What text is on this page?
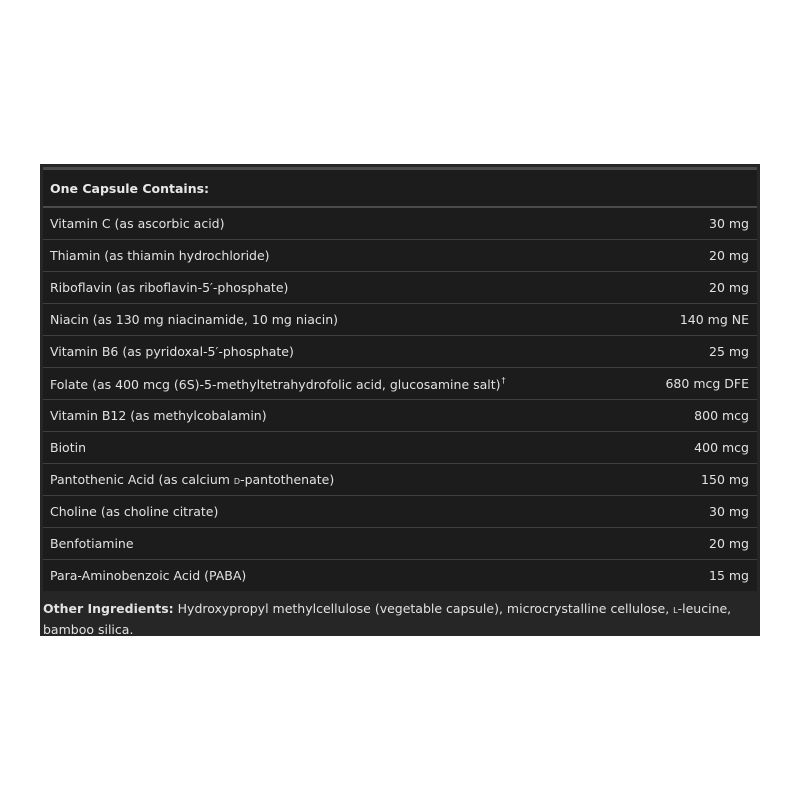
One Capsule Contains:
Vitamin C (as ascorbic acid)	30 mg
Thiamin (as thiamin hydrochloride)	20 mg
Riboflavin (as riboflavin-5′-phosphate)	20 mg
Niacin (as 130 mg niacinamide, 10 mg niacin)	140 mg NE
Vitamin B6 (as pyridoxal-5′-phosphate)	25 mg
Folate (as 400 mcg (6S)-5-methyltetrahydrofolic acid, glucosamine salt)†	680 mcg DFE
Vitamin B12 (as methylcobalamin)	800 mcg
Biotin	400 mcg
Pantothenic Acid (as calcium d-pantothenate)	150 mg
Choline (as choline citrate)	30 mg
Benfotiamine	20 mg
Para-Aminobenzoic Acid (PABA)	15 mg
Other Ingredients: Hydroxypropyl methylcellulose (vegetable capsule), microcrystalline cellulose, l-leucine, bamboo silica.
